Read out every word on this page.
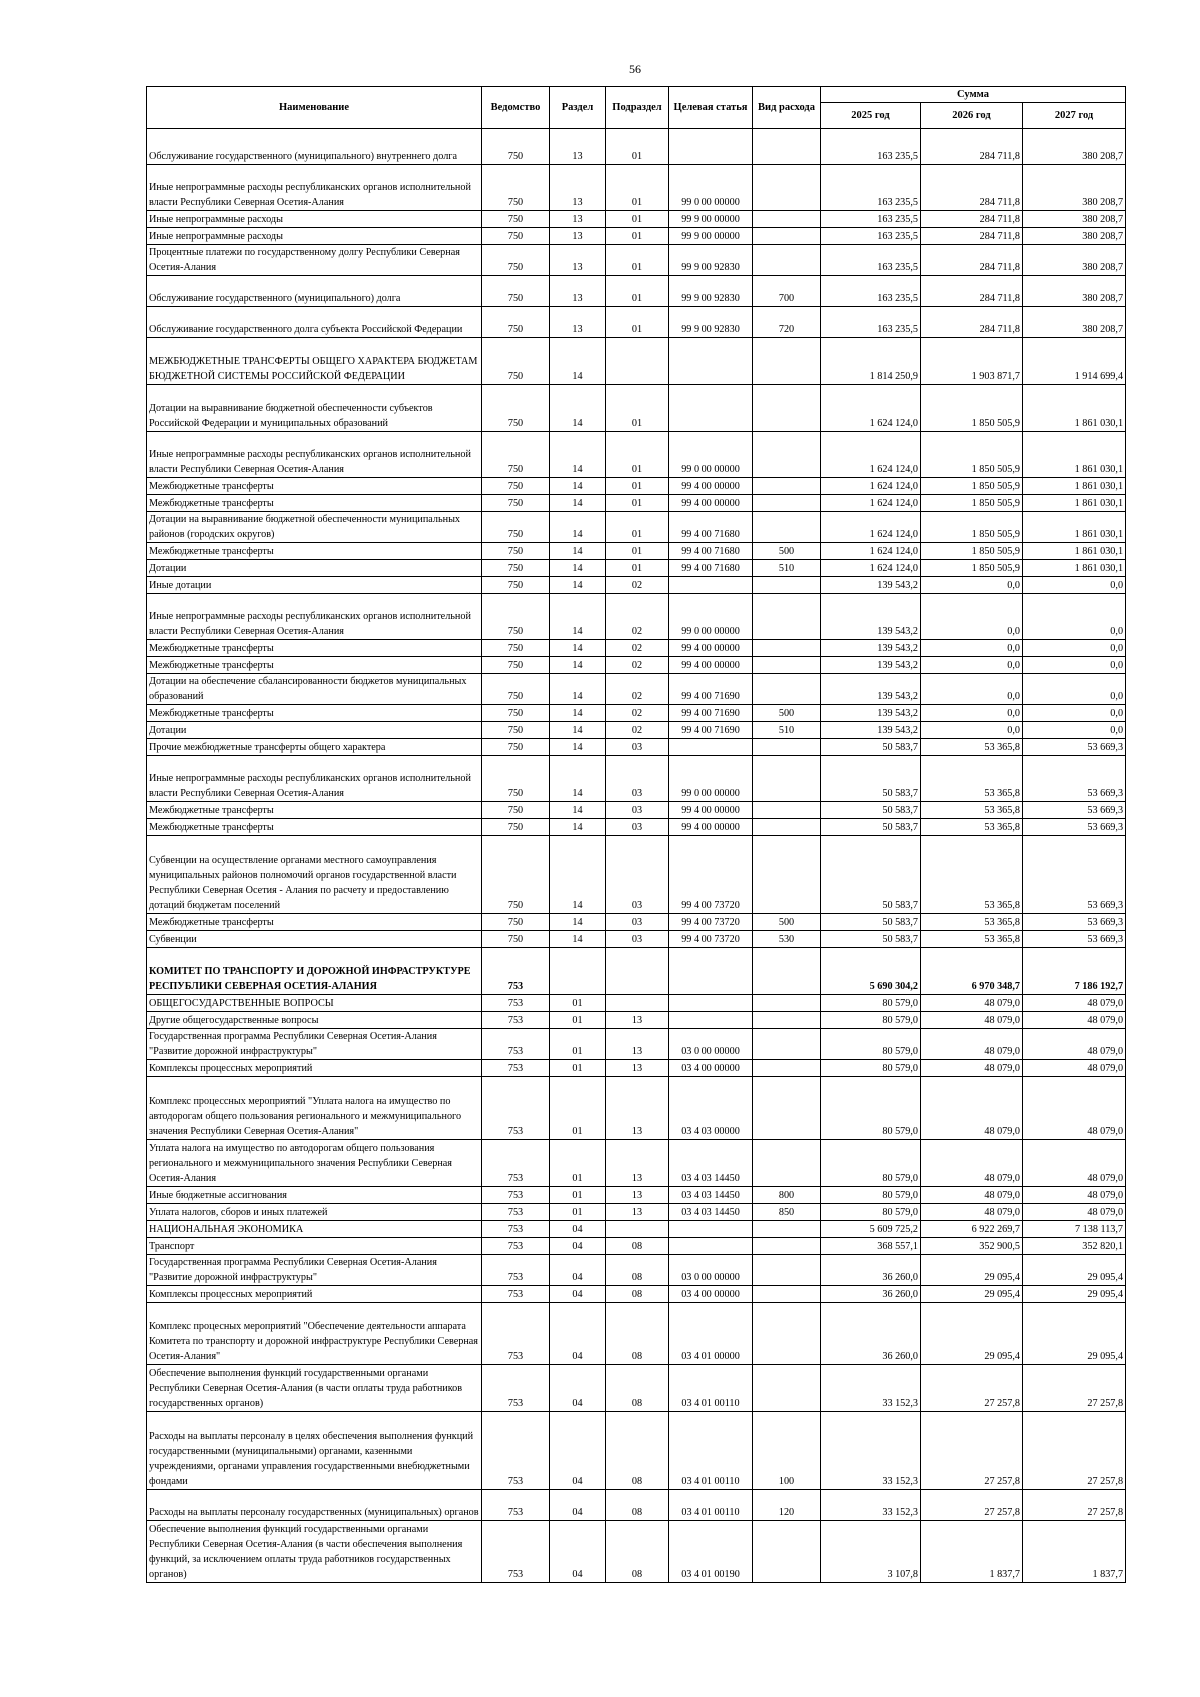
56
Наименование	Ведомство	Раздел	Подраздел	Целевая статья	Вид расхода	Сумма		
						2025 год	2026 год	2027 год
Обслуживание государственного (муниципального) внутреннего долга	750	13	01			163 235,5	284 711,8	380 208,7
Иные непрограммные расходы республиканских органов исполнительной власти Республики Северная Осетия-Алания	750	13	01	99 0 00 00000		163 235,5	284 711,8	380 208,7
Иные непрограммные расходы	750	13	01	99 9 00 00000		163 235,5	284 711,8	380 208,7
Иные непрограммные расходы	750	13	01	99 9 00 00000		163 235,5	284 711,8	380 208,7
Процентные платежи по государственному долгу Республики Северная Осетия-Алания	750	13	01	99 9 00 92830		163 235,5	284 711,8	380 208,7
Обслуживание государственного (муниципального) долга	750	13	01	99 9 00 92830	700	163 235,5	284 711,8	380 208,7
Обслуживание государственного долга субъекта Российской Федерации	750	13	01	99 9 00 92830	720	163 235,5	284 711,8	380 208,7
МЕЖБЮДЖЕТНЫЕ ТРАНСФЕРТЫ ОБЩЕГО ХАРАКТЕРА БЮДЖЕТАМ БЮДЖЕТНОЙ СИСТЕМЫ РОССИЙСКОЙ ФЕДЕРАЦИИ	750	14				1 814 250,9	1 903 871,7	1 914 699,4
Дотации на выравнивание бюджетной обеспеченности субъектов Российской Федерации и муниципальных образований	750	14	01			1 624 124,0	1 850 505,9	1 861 030,1
Иные непрограммные расходы республиканских органов исполнительной власти Республики Северная Осетия-Алания	750	14	01	99 0 00 00000		1 624 124,0	1 850 505,9	1 861 030,1
Межбюджетные трансферты	750	14	01	99 4 00 00000		1 624 124,0	1 850 505,9	1 861 030,1
Межбюджетные трансферты	750	14	01	99 4 00 00000		1 624 124,0	1 850 505,9	1 861 030,1
Дотации на выравнивание бюджетной обеспеченности муниципальных районов (городских округов)	750	14	01	99 4 00 71680		1 624 124,0	1 850 505,9	1 861 030,1
Межбюджетные трансферты	750	14	01	99 4 00 71680	500	1 624 124,0	1 850 505,9	1 861 030,1
Дотации	750	14	01	99 4 00 71680	510	1 624 124,0	1 850 505,9	1 861 030,1
Иные дотации	750	14	02			139 543,2	0,0	0,0
Иные непрограммные расходы республиканских органов исполнительной власти Республики Северная Осетия-Алания	750	14	02	99 0 00 00000		139 543,2	0,0	0,0
Межбюджетные трансферты	750	14	02	99 4 00 00000		139 543,2	0,0	0,0
Межбюджетные трансферты	750	14	02	99 4 00 00000		139 543,2	0,0	0,0
Дотации на обеспечение сбалансированности бюджетов муниципальных образований	750	14	02	99 4 00 71690		139 543,2	0,0	0,0
Межбюджетные трансферты	750	14	02	99 4 00 71690	500	139 543,2	0,0	0,0
Дотации	750	14	02	99 4 00 71690	510	139 543,2	0,0	0,0
Прочие межбюджетные трансферты общего характера	750	14	03			50 583,7	53 365,8	53 669,3
Иные непрограммные расходы республиканских органов исполнительной власти Республики Северная Осетия-Алания	750	14	03	99 0 00 00000		50 583,7	53 365,8	53 669,3
Межбюджетные трансферты	750	14	03	99 4 00 00000		50 583,7	53 365,8	53 669,3
Межбюджетные трансферты	750	14	03	99 4 00 00000		50 583,7	53 365,8	53 669,3
Субвенции на осуществление органами местного самоуправления муниципальных районов полномочий органов государственной власти Республики Северная Осетия - Алания по расчету и предоставлению дотаций бюджетам поселений	750	14	03	99 4 00 73720		50 583,7	53 365,8	53 669,3
Межбюджетные трансферты	750	14	03	99 4 00 73720	500	50 583,7	53 365,8	53 669,3
Субвенции	750	14	03	99 4 00 73720	530	50 583,7	53 365,8	53 669,3
КОМИТЕТ ПО ТРАНСПОРТУ И ДОРОЖНОЙ ИНФРАСТРУКТУРЕ РЕСПУБЛИКИ СЕВЕРНАЯ ОСЕТИЯ-АЛАНИЯ	753					5 690 304,2	6 970 348,7	7 186 192,7
ОБЩЕГОСУДАРСТВЕННЫЕ ВОПРОСЫ	753	01				80 579,0	48 079,0	48 079,0
Другие общегосударственные вопросы	753	01	13			80 579,0	48 079,0	48 079,0
Государственная программа Республики Северная Осетия-Алания "Развитие дорожной инфраструктуры"	753	01	13	03 0 00 00000		80 579,0	48 079,0	48 079,0
Комплексы процессных мероприятий	753	01	13	03 4 00 00000		80 579,0	48 079,0	48 079,0
Комплекс процессных мероприятий "Уплата налога на имущество по автодорогам общего пользования регионального и межмуниципального значения Республики Северная Осетия-Алания"	753	01	13	03 4 03 00000		80 579,0	48 079,0	48 079,0
Уплата налога на имущество по автодорогам общего пользования регионального и межмуниципального значения Республики Северная Осетия-Алания	753	01	13	03 4 03 14450		80 579,0	48 079,0	48 079,0
Иные бюджетные ассигнования	753	01	13	03 4 03 14450	800	80 579,0	48 079,0	48 079,0
Уплата налогов, сборов и иных платежей	753	01	13	03 4 03 14450	850	80 579,0	48 079,0	48 079,0
НАЦИОНАЛЬНАЯ ЭКОНОМИКА	753	04				5 609 725,2	6 922 269,7	7 138 113,7
Транспорт	753	04	08			368 557,1	352 900,5	352 820,1
Государственная программа Республики Северная Осетия-Алания "Развитие дорожной инфраструктуры"	753	04	08	03 0 00 00000		36 260,0	29 095,4	29 095,4
Комплексы процессных мероприятий	753	04	08	03 4 00 00000		36 260,0	29 095,4	29 095,4
Комплекс процесных мероприятий "Обеспечение деятельности аппарата Комитета по транспорту и дорожной инфраструктуре Республики Северная Осетия-Алания"	753	04	08	03 4 01 00000		36 260,0	29 095,4	29 095,4
Обеспечение выполнения функций государственными органами Республики Северная Осетия-Алания (в части оплаты труда работников государственных органов)	753	04	08	03 4 01 00110		33 152,3	27 257,8	27 257,8
Расходы на выплаты персоналу в целях обеспечения выполнения функций государственными (муниципальными) органами, казенными учреждениями, органами управления государственными внебюджетными фондами	753	04	08	03 4 01 00110	100	33 152,3	27 257,8	27 257,8
Расходы на выплаты персоналу государственных (муниципальных) органов	753	04	08	03 4 01 00110	120	33 152,3	27 257,8	27 257,8
Обеспечение выполнения функций государственными органами Республики Северная Осетия-Алания (в части обеспечения выполнения функций, за исключением оплаты труда работников государственных органов)	753	04	08	03 4 01 00190		3 107,8	1 837,7	1 837,7
